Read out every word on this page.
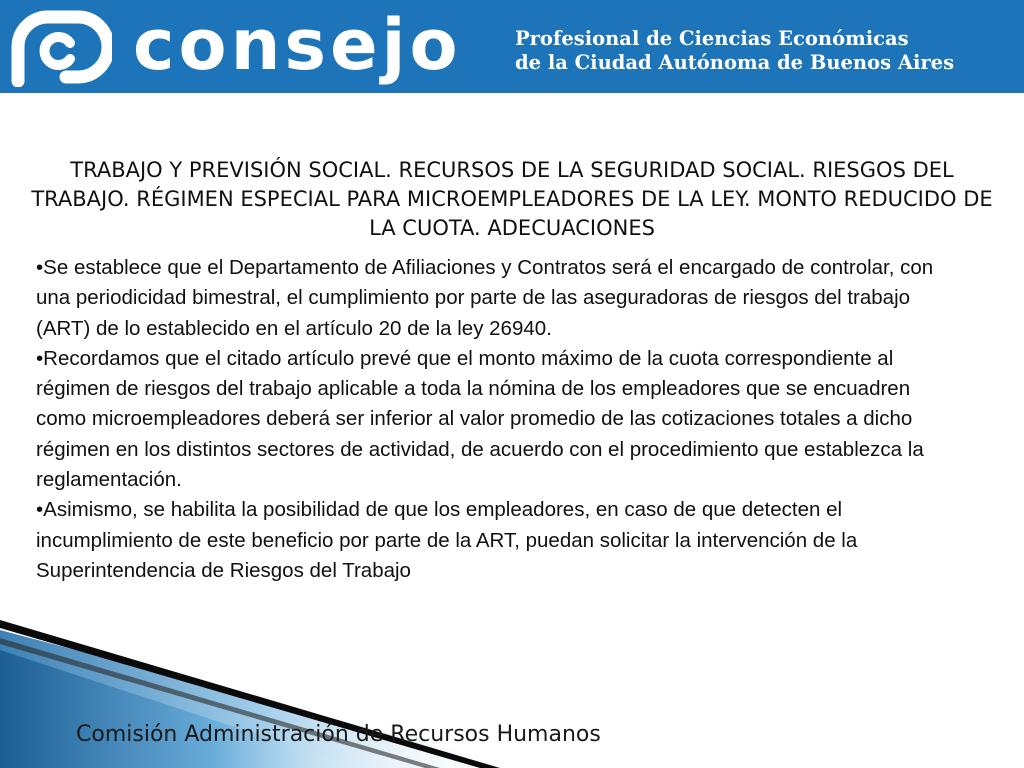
consejo	Profesional de Ciencias Económicas
de la Ciudad Autónoma de Buenos Aires
TRABAJO Y PREVISIÓN SOCIAL. RECURSOS DE LA SEGURIDAD SOCIAL. RIESGOS DEL TRABAJO. RÉGIMEN ESPECIAL PARA MICROEMPLEADORES DE LA LEY. MONTO REDUCIDO DE LA CUOTA. ADECUACIONES

•Se establece que el Departamento de Afiliaciones y Contratos será el encargado de controlar, con una periodicidad bimestral, el cumplimiento por parte de las aseguradoras de riesgos del trabajo (ART) de lo establecido en el artículo 20 de la ley 26940.

•Recordamos que el citado artículo prevé que el monto máximo de la cuota correspondiente al régimen de riesgos del trabajo aplicable a toda la nómina de los empleadores que se encuadren como microempleadores deberá ser inferior al valor promedio de las cotizaciones totales a dicho régimen en los distintos sectores de actividad, de acuerdo con el procedimiento que establezca la reglamentación.

•Asimismo, se habilita la posibilidad de que los empleadores, en caso de que detecten el incumplimiento de este beneficio por parte de la ART, puedan solicitar la intervención de la Superintendencia de Riesgos del Trabajo

Comisión Administración de Recursos Humanos
